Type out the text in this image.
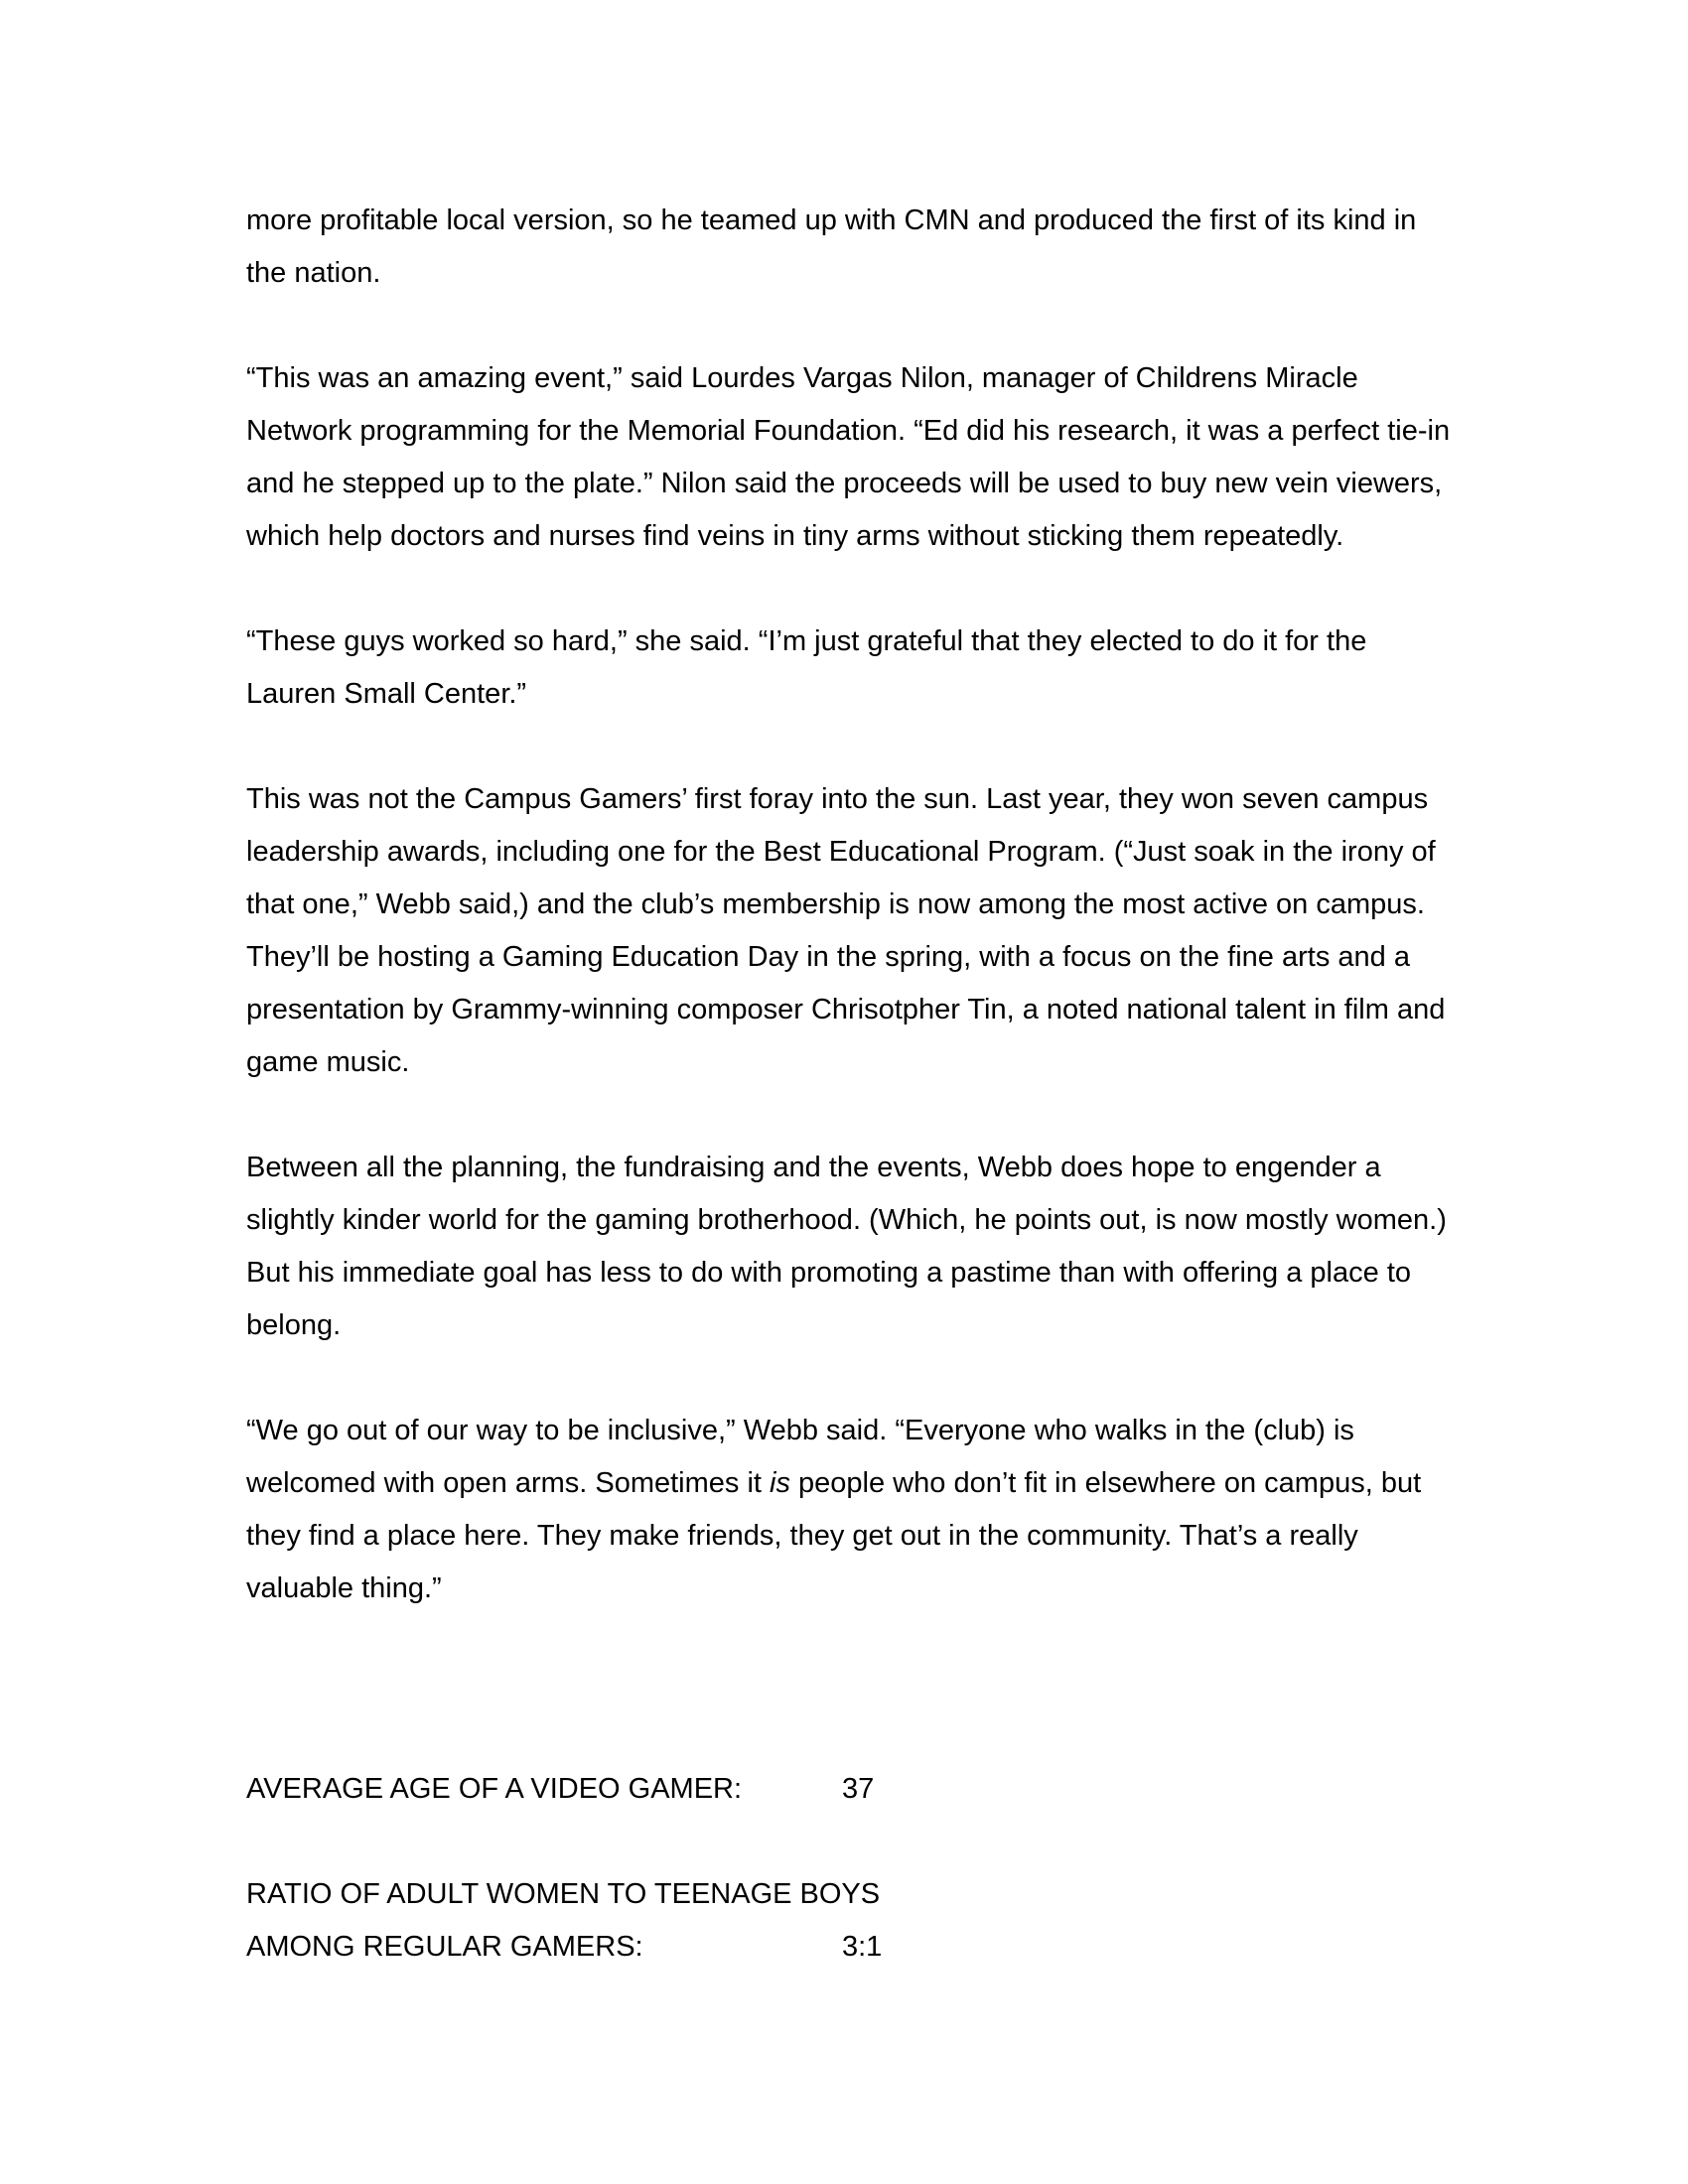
more profitable local version, so he teamed up with CMN and produced the first of its kind in the nation.

“This was an amazing event,” said Lourdes Vargas Nilon, manager of Childrens Miracle Network programming for the Memorial Foundation. “Ed did his research, it was a perfect tie-in and he stepped up to the plate.” Nilon said the proceeds will be used to buy new vein viewers, which help doctors and nurses find veins in tiny arms without sticking them repeatedly.

“These guys worked so hard,” she said. “I’m just grateful that they elected to do it for the Lauren Small Center.”

This was not the Campus Gamers’ first foray into the sun. Last year, they won seven campus leadership awards, including one for the Best Educational Program. (“Just soak in the irony of that one,” Webb said,) and the club’s membership is now among the most active on campus. They’ll be hosting a Gaming Education Day in the spring, with a focus on the fine arts and a presentation by Grammy-winning composer Chrisotpher Tin, a noted national talent in film and game music.

Between all the planning, the fundraising and the events, Webb does hope to engender a slightly kinder world for the gaming brotherhood. (Which, he points out, is now mostly women.) But his immediate goal has less to do with promoting a pastime than with offering a place to belong.

“We go out of our way to be inclusive,” Webb said. “Everyone who walks in the (club) is welcomed with open arms. Sometimes it is people who don’t fit in elsewhere on campus, but they find a place here. They make friends, they get out in the community. That’s a really valuable thing.”

AVERAGE AGE OF A VIDEO GAMER:	37
RATIO OF ADULT WOMEN TO TEENAGE BOYS
AMONG REGULAR GAMERS:	3:1
